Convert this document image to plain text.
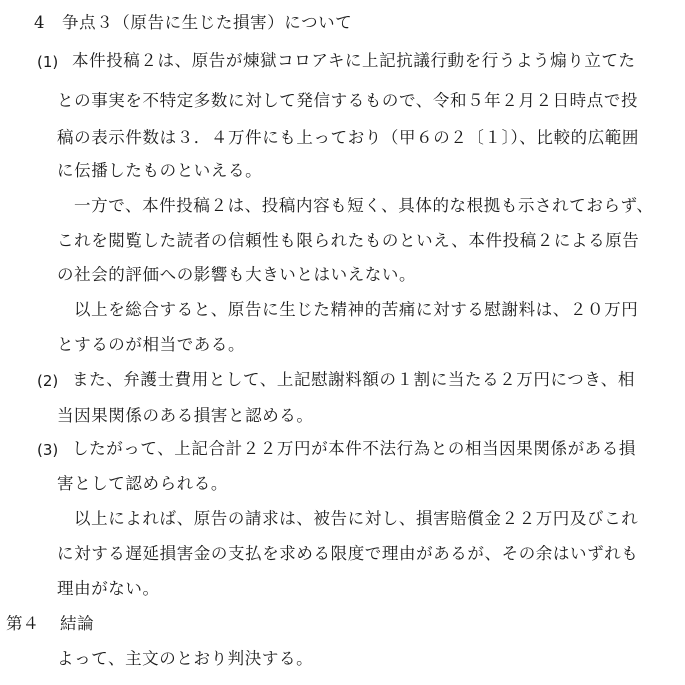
4 争点３（原告に生じた損害）について
(1) 本件投稿２は、原告が煉獄コロアキに上記抗議行動を行うよう煽り立てた
との事実を不特定多数に対して発信するもので、令和５年２月２日時点で投
稿の表示件数は３．４万件にも上っており（甲６の２〔１〕）、比較的広範囲
に伝播したものといえる。
一方で、本件投稿２は、投稿内容も短く、具体的な根拠も示されておらず、
これを閲覧した読者の信頼性も限られたものといえ、本件投稿２による原告
の社会的評価への影響も大きいとはいえない。
以上を総合すると、原告に生じた精神的苦痛に対する慰謝料は、２０万円
とするのが相当である。
(2) また、弁護士費用として、上記慰謝料額の１割に当たる２万円につき、相
当因果関係のある損害と認める。
(3) したがって、上記合計２２万円が本件不法行為との相当因果関係がある損
害として認められる。
以上によれば、原告の請求は、被告に対し、損害賠償金２２万円及びこれ
に対する遅延損害金の支払を求める限度で理由があるが、その余はいずれも
理由がない。
第４ 結論
よって、主文のとおり判決する。
